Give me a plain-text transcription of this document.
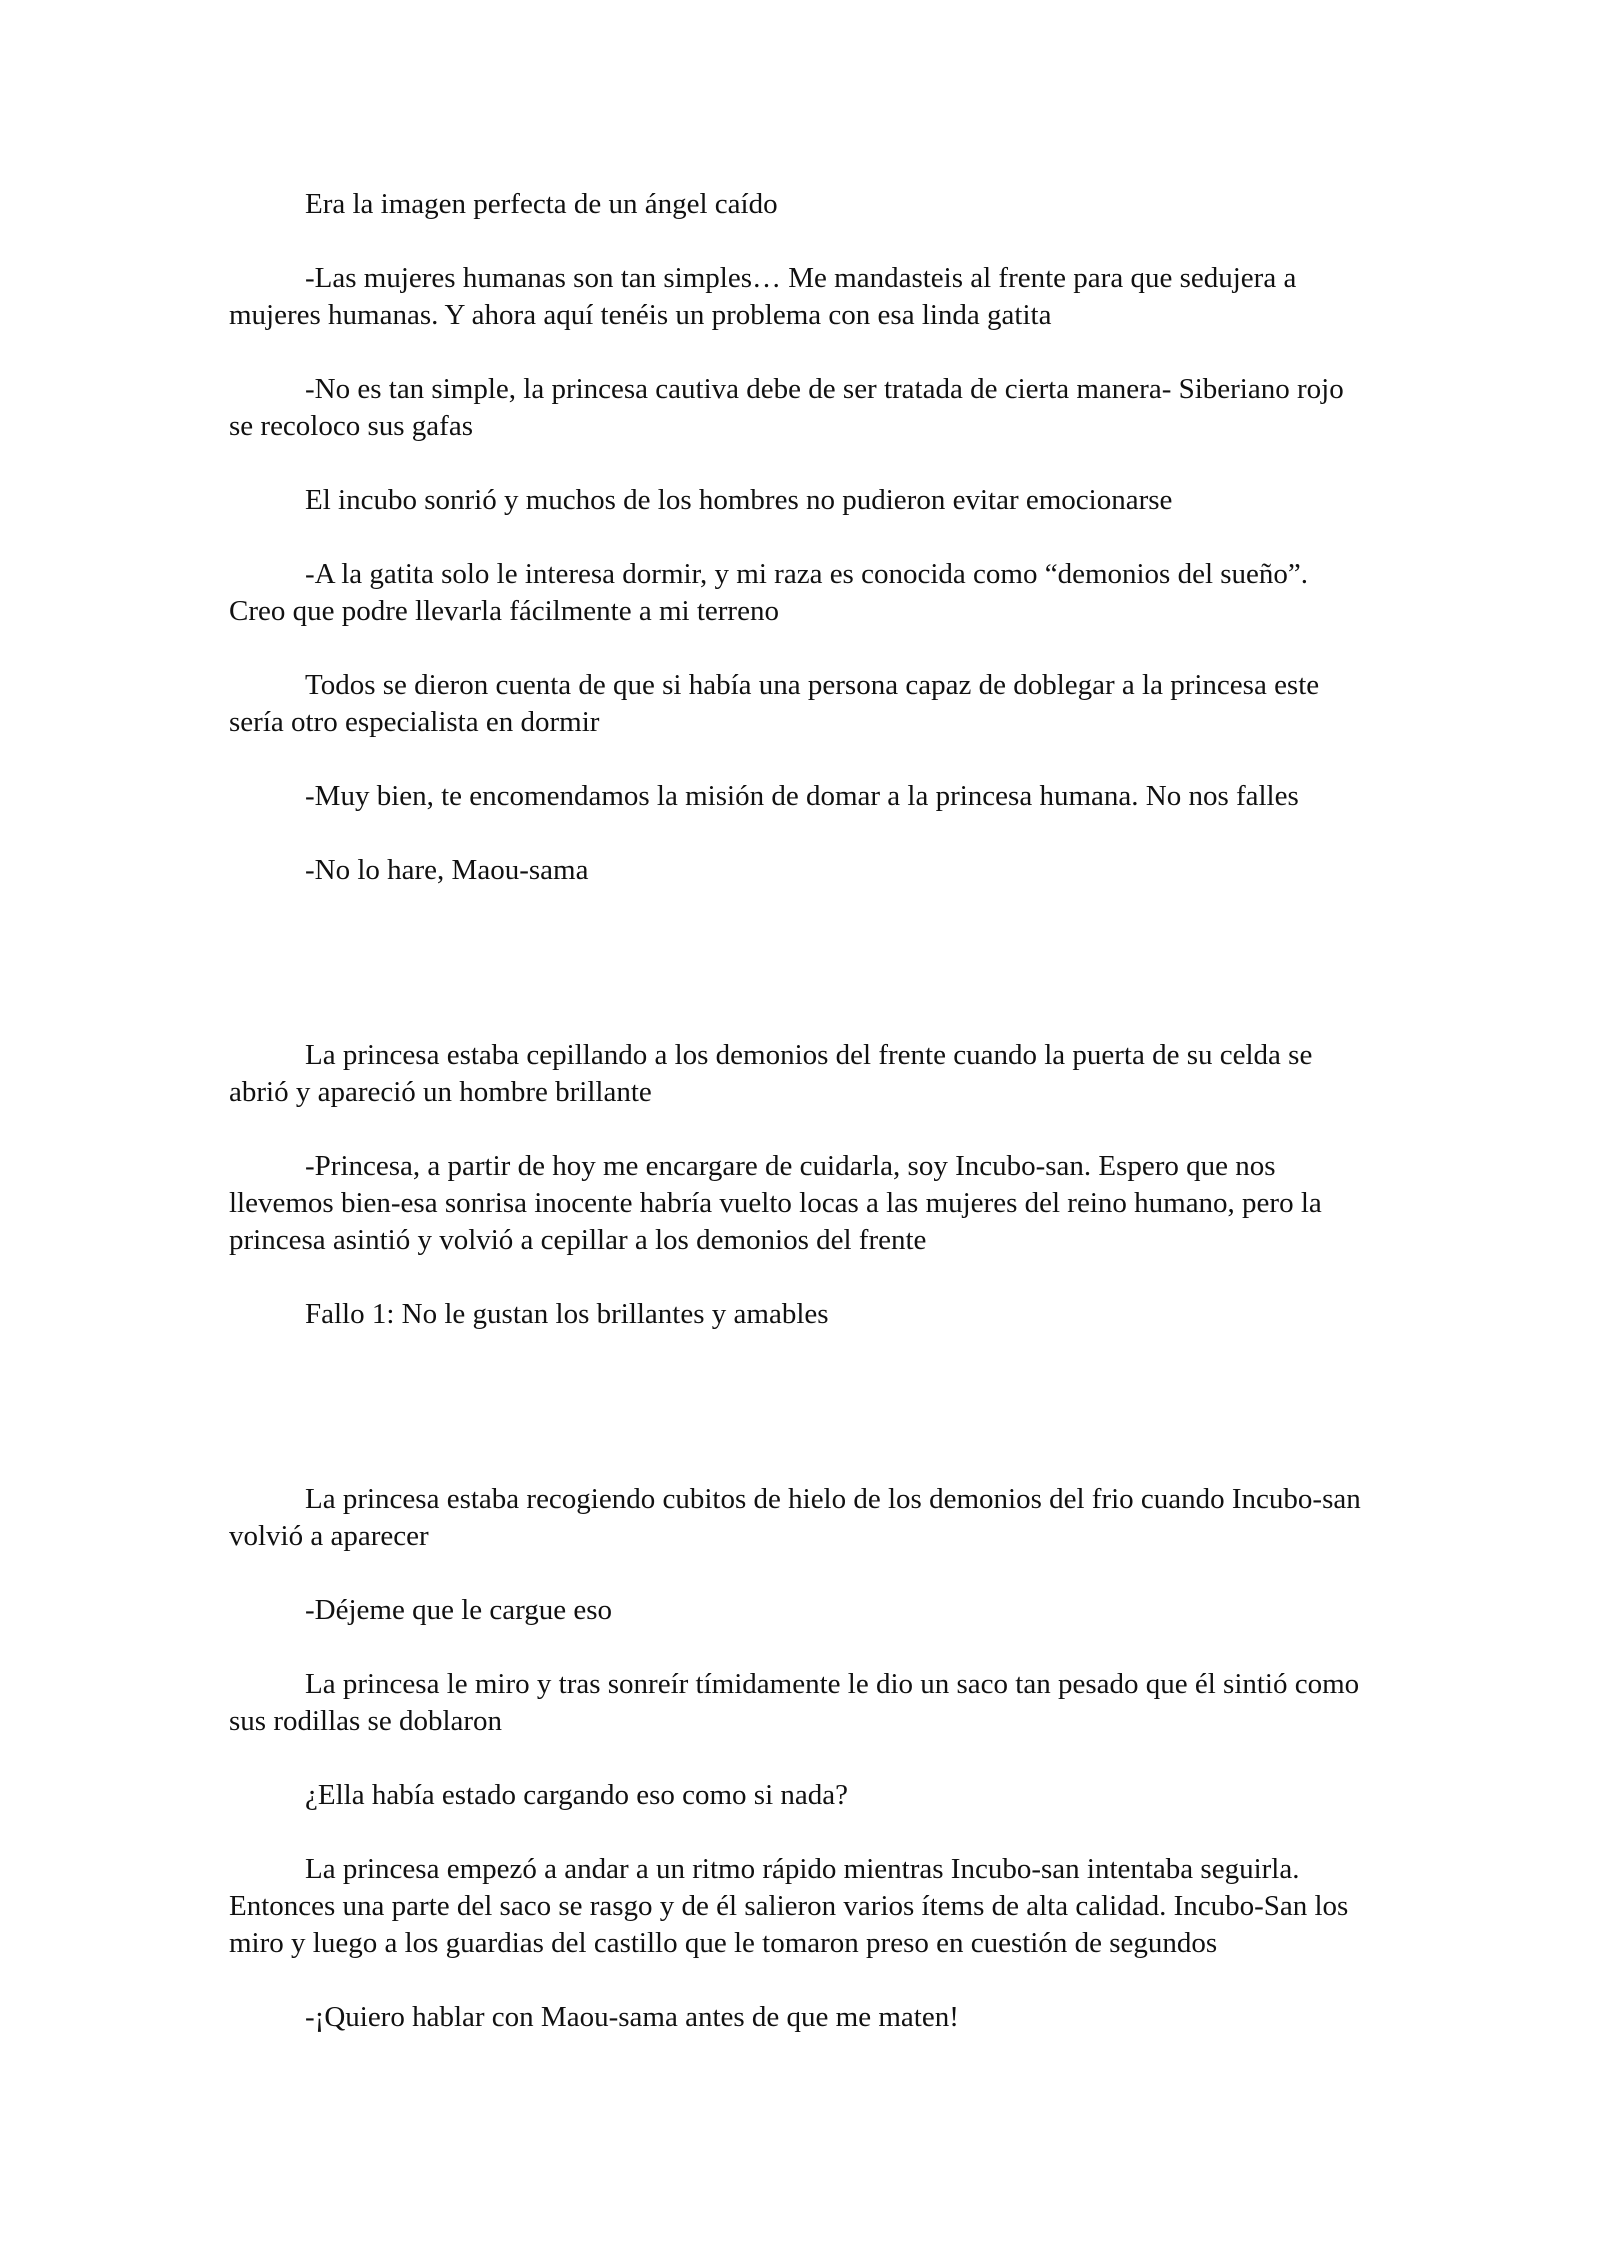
Era la imagen perfecta de un ángel caído

-Las mujeres humanas son tan simples… Me mandasteis al frente para que sedujera a mujeres humanas. Y ahora aquí tenéis un problema con esa linda gatita

-No es tan simple, la princesa cautiva debe de ser tratada de cierta manera- Siberiano rojo se recoloco sus gafas

El incubo sonrió y muchos de los hombres no pudieron evitar emocionarse

-A la gatita solo le interesa dormir, y mi raza es conocida como “demonios del sueño”. Creo que podre llevarla fácilmente a mi terreno

Todos se dieron cuenta de que si había una persona capaz de doblegar a la princesa este sería otro especialista en dormir

-Muy bien, te encomendamos la misión de domar a la princesa humana. No nos falles

-No lo hare, Maou-sama

La princesa estaba cepillando a los demonios del frente cuando la puerta de su celda se abrió y apareció un hombre brillante

-Princesa, a partir de hoy me encargare de cuidarla, soy Incubo-san. Espero que nos llevemos bien-esa sonrisa inocente habría vuelto locas a las mujeres del reino humano, pero la princesa asintió y volvió a cepillar a los demonios del frente

Fallo 1: No le gustan los brillantes y amables

La princesa estaba recogiendo cubitos de hielo de los demonios del frio cuando Incubo-san volvió a aparecer

-Déjeme que le cargue eso

La princesa le miro y tras sonreír tímidamente le dio un saco tan pesado que él sintió como sus rodillas se doblaron

¿Ella había estado cargando eso como si nada?

La princesa empezó a andar a un ritmo rápido mientras Incubo-san intentaba seguirla. Entonces una parte del saco se rasgo y de él salieron varios ítems de alta calidad. Incubo-San los miro y luego a los guardias del castillo que le tomaron preso en cuestión de segundos

-¡Quiero hablar con Maou-sama antes de que me maten!
